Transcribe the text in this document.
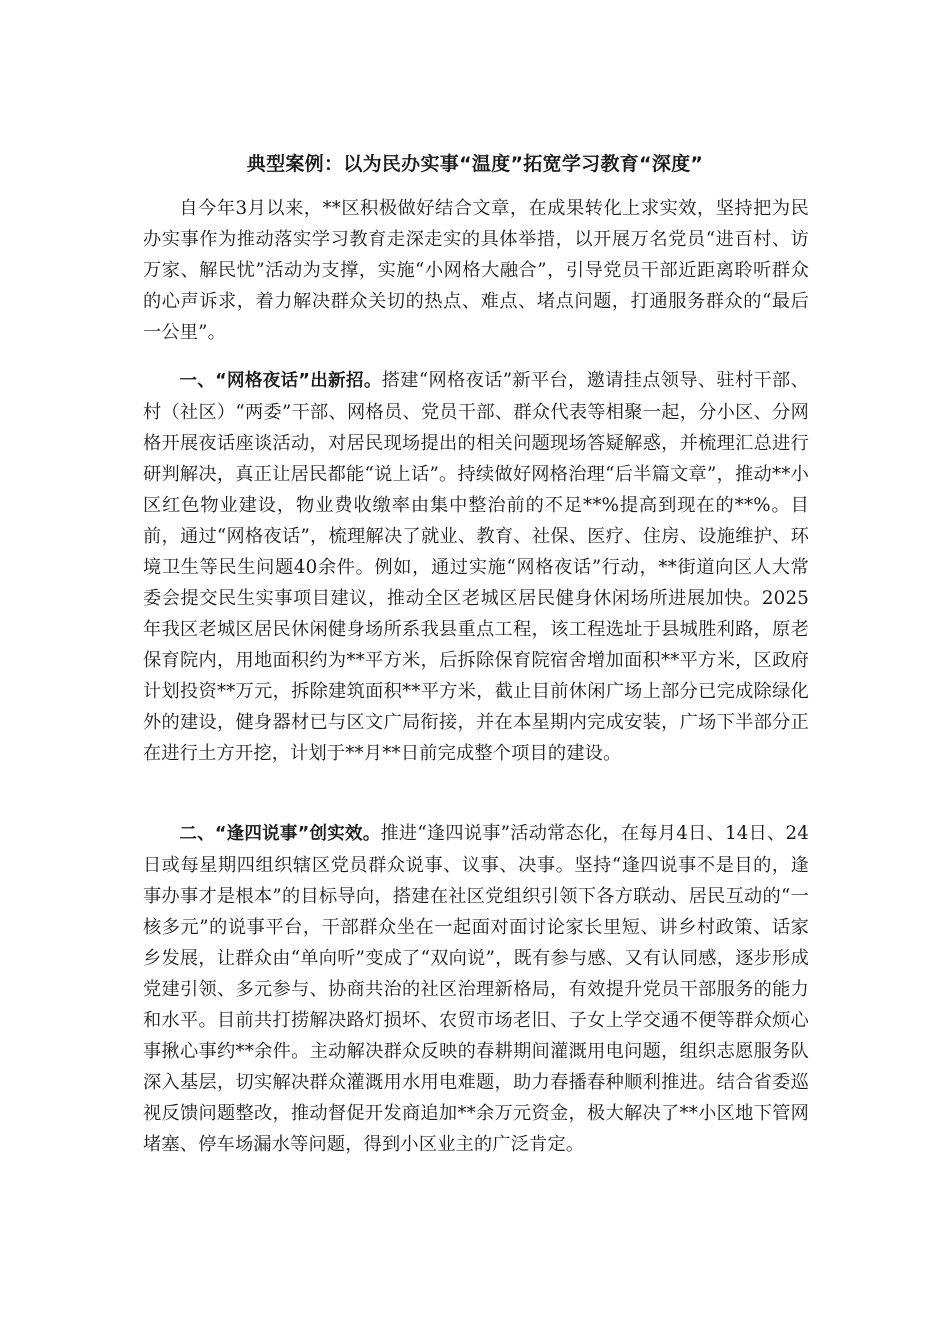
典型案例：以为民办实事“温度”拓宽学习教育“深度”

自今年3月以来，**区积极做好结合文章，在成果转化上求实效，坚持把为民办实事作为推动落实学习教育走深走实的具体举措，以开展万名党员“进百村、访万家、解民忧”活动为支撑，实施“小网格大融合”，引导党员干部近距离聆听群众的心声诉求，着力解决群众关切的热点、难点、堵点问题，打通服务群众的“最后一公里”。

一、“网格夜话”出新招。搭建“网格夜话”新平台，邀请挂点领导、驻村干部、村（社区）“两委”干部、网格员、党员干部、群众代表等相聚一起，分小区、分网格开展夜话座谈活动，对居民现场提出的相关问题现场答疑解惑，并梳理汇总进行研判解决，真正让居民都能“说上话”。持续做好网格治理“后半篇文章”，推动**小区红色物业建设，物业费收缴率由集中整治前的不足**%提高到现在的**%。目前，通过“网格夜话”，梳理解决了就业、教育、社保、医疗、住房、设施维护、环境卫生等民生问题40余件。例如，通过实施“网格夜话”行动，**街道向区人大常委会提交民生实事项目建议，推动全区老城区居民健身休闲场所进展加快。2025年我区老城区居民休闲健身场所系我县重点工程，该工程选址于县城胜利路，原老保育院内，用地面积约为**平方米，后拆除保育院宿舍增加面积**平方米，区政府计划投资**万元，拆除建筑面积**平方米，截止目前休闲广场上部分已完成除绿化外的建设，健身器材已与区文广局衔接，并在本星期内完成安装，广场下半部分正在进行土方开挖，计划于**月**日前完成整个项目的建设。

二、“逢四说事”创实效。推进“逢四说事”活动常态化，在每月4日、14日、24日或每星期四组织辖区党员群众说事、议事、决事。坚持“逢四说事不是目的，逢事办事才是根本”的目标导向，搭建在社区党组织引领下各方联动、居民互动的“一核多元”的说事平台，干部群众坐在一起面对面讨论家长里短、讲乡村政策、话家乡发展，让群众由“单向听”变成了“双向说”，既有参与感、又有认同感，逐步形成党建引领、多元参与、协商共治的社区治理新格局，有效提升党员干部服务的能力和水平。目前共打捞解决路灯损坏、农贸市场老旧、子女上学交通不便等群众烦心事揪心事约**余件。主动解决群众反映的春耕期间灌溉用电问题，组织志愿服务队深入基层，切实解决群众灌溉用水用电难题，助力春播春种顺利推进。结合省委巡视反馈问题整改，推动督促开发商追加**余万元资金，极大解决了**小区地下管网堵塞、停车场漏水等问题，得到小区业主的广泛肯定。
